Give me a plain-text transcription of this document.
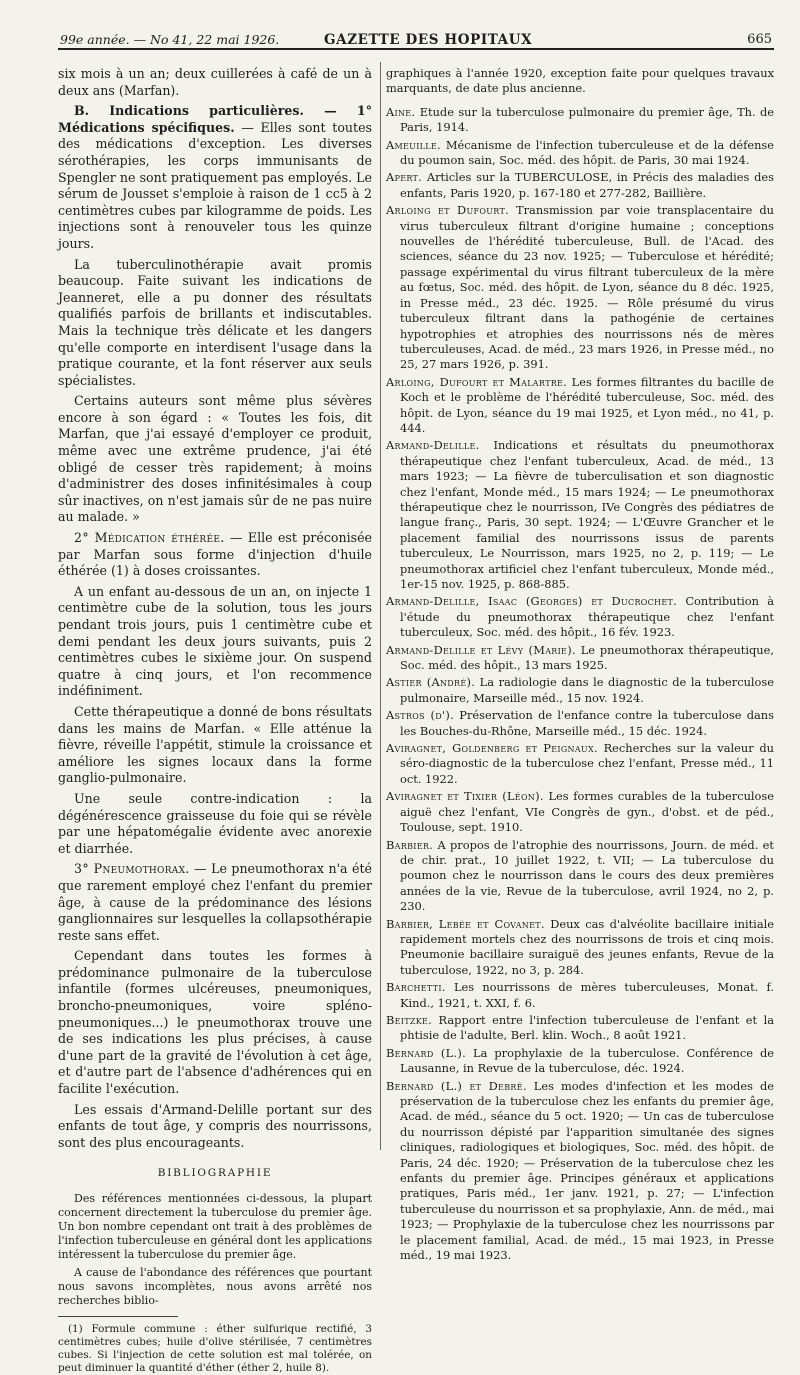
99e année. — No 41, 22 mai 1926.	GAZETTE DES HOPITAUX	665

six mois à un an; deux cuillerées à café de un à deux ans (Marfan).

B. Indications particulières. — 1° Médications spécifiques. — Elles sont toutes des médications d'exception. Les diverses sérothérapies, les corps immunisants de Spengler ne sont pratiquement pas employés. Le sérum de Jousset s'emploie à raison de 1 cc5 à 2 centimètres cubes par kilogramme de poids. Les injections sont à renouveler tous les quinze jours.

La tuberculinothérapie avait promis beaucoup. Faite suivant les indications de Jeanneret, elle a pu donner des résultats qualifiés parfois de brillants et indiscutables. Mais la technique très délicate et les dangers qu'elle comporte en interdisent l'usage dans la pratique courante, et la font réserver aux seuls spécialistes.

Certains auteurs sont même plus sévères encore à son égard : « Toutes les fois, dit Marfan, que j'ai essayé d'employer ce produit, même avec une extrême prudence, j'ai été obligé de cesser très rapidement; à moins d'administrer des doses infinitésimales à coup sûr inactives, on n'est jamais sûr de ne pas nuire au malade. »

2° Médication éthérée. — Elle est préconisée par Marfan sous forme d'injection d'huile éthérée (1) à doses croissantes.

A un enfant au-dessous de un an, on injecte 1 centimètre cube de la solution, tous les jours pendant trois jours, puis 1 centimètre cube et demi pendant les deux jours suivants, puis 2 centimètres cubes le sixième jour. On suspend quatre à cinq jours, et l'on recommence indéfiniment.

Cette thérapeutique a donné de bons résultats dans les mains de Marfan. « Elle atténue la fièvre, réveille l'appétit, stimule la croissance et améliore les signes locaux dans la forme ganglio-pulmonaire.

Une seule contre-indication : la dégénérescence graisseuse du foie qui se révèle par une hépatomégalie évidente avec anorexie et diarrhée.

3° Pneumothorax. — Le pneumothorax n'a été que rarement employé chez l'enfant du premier âge, à cause de la prédominance des lésions ganglionnaires sur lesquelles la collapsothérapie reste sans effet.

Cependant dans toutes les formes à prédominance pulmonaire de la tuberculose infantile (formes ulcéreuses, pneumoniques, broncho-pneumoniques, voire spléno-pneumoniques...) le pneumothorax trouve une de ses indications les plus précises, à cause d'une part de la gravité de l'évolution à cet âge, et d'autre part de l'absence d'adhérences qui en facilite l'exécution.

Les essais d'Armand-Delille portant sur des enfants de tout âge, y compris des nourrissons, sont des plus encourageants.

BIBLIOGRAPHIE

Des références mentionnées ci-dessous, la plupart concernent directement la tuberculose du premier âge. Un bon nombre cependant ont trait à des problèmes de l'infection tuberculeuse en général dont les applications intéressent la tuberculose du premier âge.

A cause de l'abondance des références que pourtant nous savons incomplètes, nous avons arrêté nos recherches biblio-

(1) Formule commune : éther sulfurique rectifié, 3 centimètres cubes; huile d'olive stérilisée, 7 centimètres cubes. Si l'injection de cette solution est mal tolérée, on peut diminuer la quantité d'éther (éther 2, huile 8).

graphiques à l'année 1920, exception faite pour quelques travaux marquants, de date plus ancienne.

Aine. Etude sur la tuberculose pulmonaire du premier âge, Th. de Paris, 1914.

Ameuille. Mécanisme de l'infection tuberculeuse et de la défense du poumon sain, Soc. méd. des hôpit. de Paris, 30 mai 1924.

Apert. Articles sur la TUBERCULOSE, in Précis des maladies des enfants, Paris 1920, p. 167-180 et 277-282, Baillière.

Arloing et Dufourt. Transmission par voie transplacentaire du virus tuberculeux filtrant d'origine humaine ; conceptions nouvelles de l'hérédité tuberculeuse, Bull. de l'Acad. des sciences, séance du 23 nov. 1925; — Tuberculose et hérédité; passage expérimental du virus filtrant tuberculeux de la mère au fœtus, Soc. méd. des hôpit. de Lyon, séance du 8 déc. 1925, in Presse méd., 23 déc. 1925. — Rôle présumé du virus tuberculeux filtrant dans la pathogénie de certaines hypotrophies et atrophies des nourrissons nés de mères tuberculeuses, Acad. de méd., 23 mars 1926, in Presse méd., no 25, 27 mars 1926, p. 391.

Arloing, Dufourt et Malartre. Les formes filtrantes du bacille de Koch et le problème de l'hérédité tuberculeuse, Soc. méd. des hôpit. de Lyon, séance du 19 mai 1925, et Lyon méd., no 41, p. 444.

Armand-Delille. Indications et résultats du pneumothorax thérapeutique chez l'enfant tuberculeux, Acad. de méd., 13 mars 1923; — La fièvre de tuberculisation et son diagnostic chez l'enfant, Monde méd., 15 mars 1924; — Le pneumothorax thérapeutique chez le nourrisson, IVe Congrès des pédiatres de langue franç., Paris, 30 sept. 1924; — L'Œuvre Grancher et le placement familial des nourrissons issus de parents tuberculeux, Le Nourrisson, mars 1925, no 2, p. 119; — Le pneumothorax artificiel chez l'enfant tuberculeux, Monde méd., 1er-15 nov. 1925, p. 868-885.

Armand-Delille, Isaac (Georges) et Ducrochet. Contribution à l'étude du pneumothorax thérapeutique chez l'enfant tuberculeux, Soc. méd. des hôpit., 16 fév. 1923.

Armand-Delille et Lévy (Marie). Le pneumothorax thérapeutique, Soc. méd. des hôpit., 13 mars 1925.

Astier (André). La radiologie dans le diagnostic de la tuberculose pulmonaire, Marseille méd., 15 nov. 1924.

Astros (d'). Préservation de l'enfance contre la tuberculose dans les Bouches-du-Rhône, Marseille méd., 15 déc. 1924.

Aviragnet, Goldenberg et Peignaux. Recherches sur la valeur du séro-diagnostic de la tuberculose chez l'enfant, Presse méd., 11 oct. 1922.

Aviragnet et Tixier (Léon). Les formes curables de la tuberculose aiguë chez l'enfant, VIe Congrès de gyn., d'obst. et de péd., Toulouse, sept. 1910.

Barbier. A propos de l'atrophie des nourrissons, Journ. de méd. et de chir. prat., 10 juillet 1922, t. VII; — La tuberculose du poumon chez le nourrisson dans le cours des deux premières années de la vie, Revue de la tuberculose, avril 1924, no 2, p. 230.

Barbier, Lebée et Covanet. Deux cas d'alvéolite bacillaire initiale rapidement mortels chez des nourrissons de trois et cinq mois. Pneumonie bacillaire suraiguë des jeunes enfants, Revue de la tuberculose, 1922, no 3, p. 284.

Barchetti. Les nourrissons de mères tuberculeuses, Monat. f. Kind., 1921, t. XXI, f. 6.

Beitzke. Rapport entre l'infection tuberculeuse de l'enfant et la phtisie de l'adulte, Berl. klin. Woch., 8 août 1921.

Bernard (L.). La prophylaxie de la tuberculose. Conférence de Lausanne, in Revue de la tuberculose, déc. 1924.

Bernard (L.) et Debré. Les modes d'infection et les modes de préservation de la tuberculose chez les enfants du premier âge, Acad. de méd., séance du 5 oct. 1920; — Un cas de tuberculose du nourrisson dépisté par l'apparition simultanée des signes cliniques, radiologiques et biologiques, Soc. méd. des hôpit. de Paris, 24 déc. 1920; — Préservation de la tuberculose chez les enfants du premier âge. Principes généraux et applications pratiques, Paris méd., 1er janv. 1921, p. 27; — L'infection tuberculeuse du nourrisson et sa prophylaxie, Ann. de méd., mai 1923; — Prophylaxie de la tuberculose chez les nourrissons par le placement familial, Acad. de méd., 15 mai 1923, in Presse méd., 19 mai 1923.
